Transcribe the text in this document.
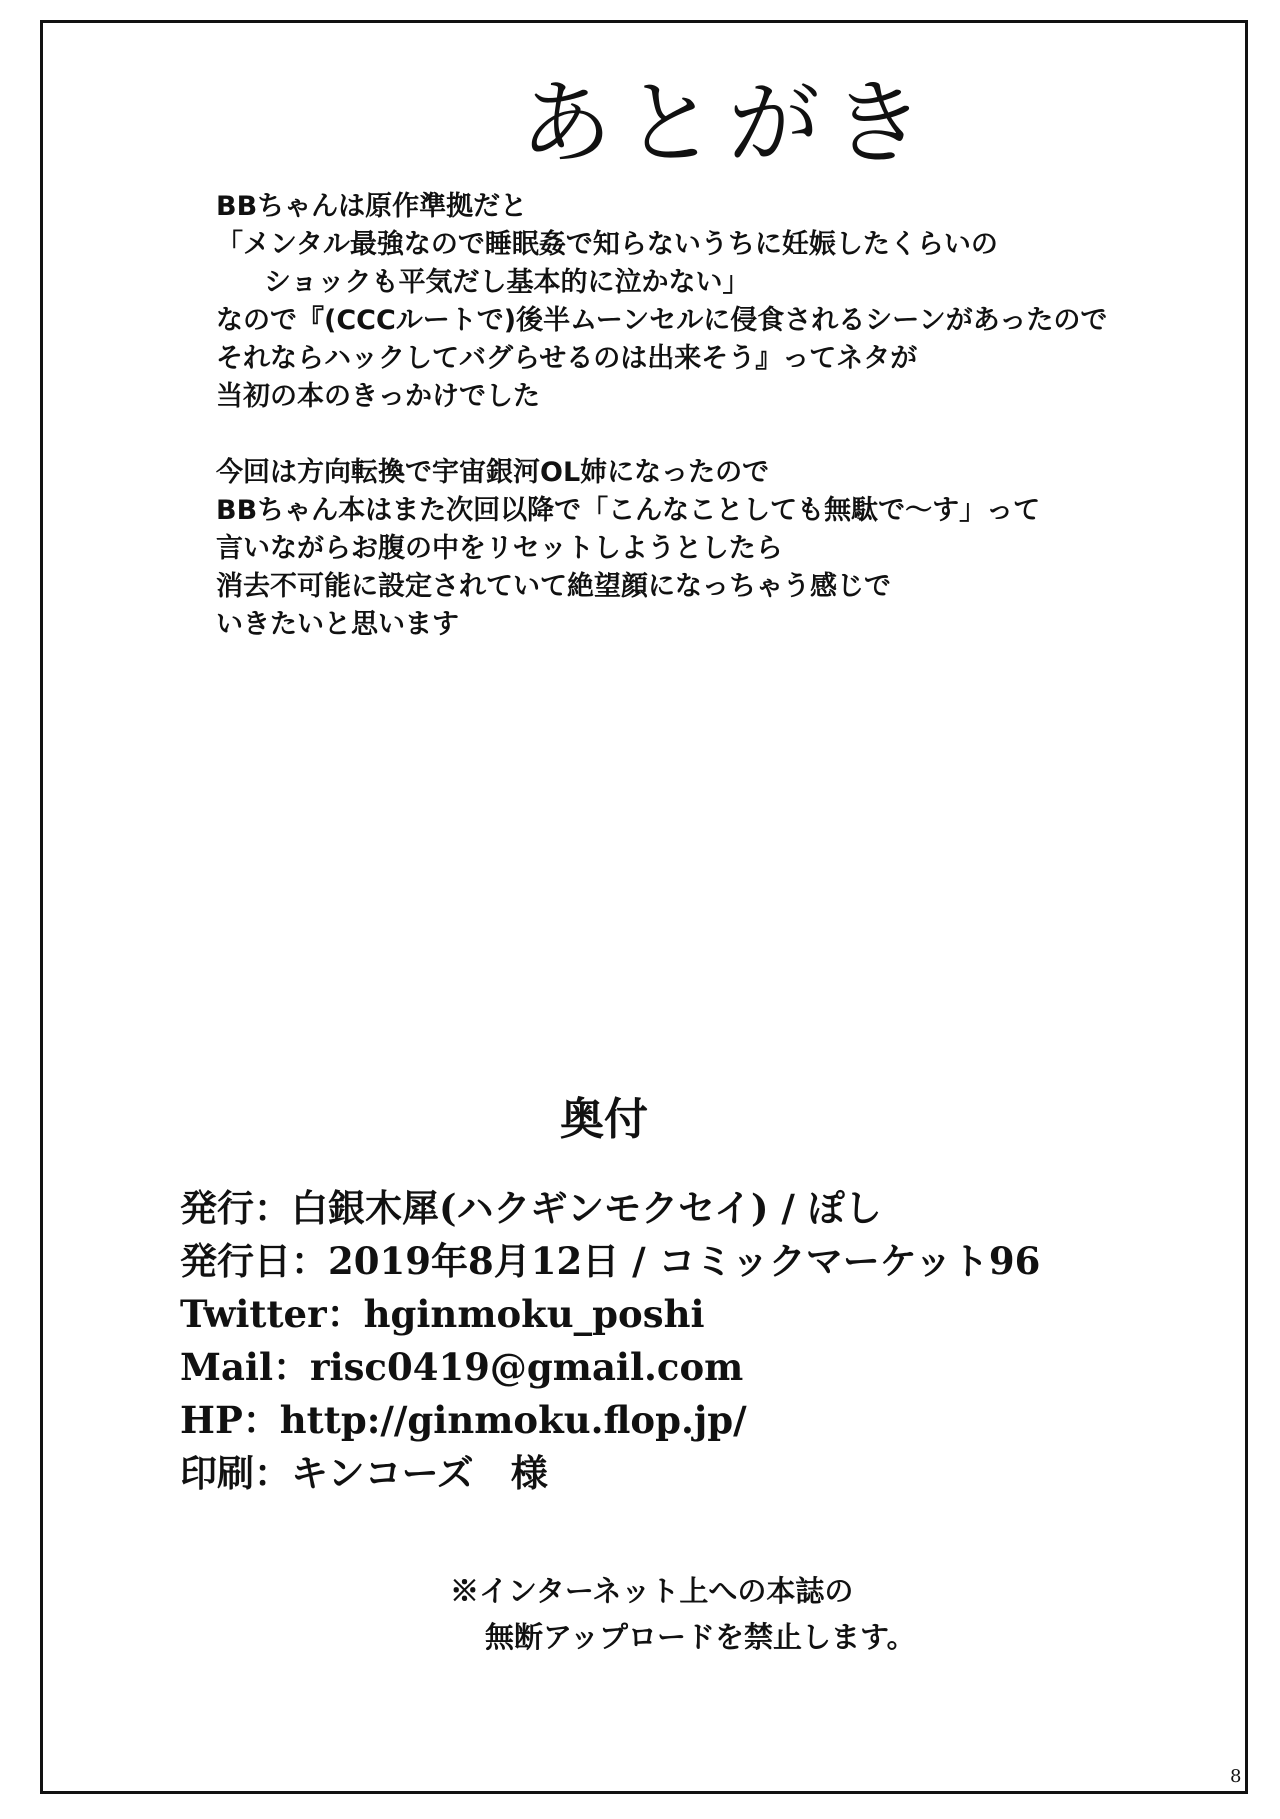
あとがき
BBちゃんは原作準拠だと
「メンタル最強なので睡眠姦で知らないうちに妊娠したくらいの
ショックも平気だし基本的に泣かない」
なので『(CCCルートで)後半ムーンセルに侵食されるシーンがあったので
それならハックしてバグらせるのは出来そう』ってネタが
当初の本のきっかけでした
今回は方向転換で宇宙銀河OL姉になったので
BBちゃん本はまた次回以降で「こんなことしても無駄で～す」って
言いながらお腹の中をリセットしようとしたら
消去不可能に設定されていて絶望顔になっちゃう感じで
いきたいと思います
奥付
発行：白銀木犀(ハクギンモクセイ) / ぽし
発行日：2019年8月12日 / コミックマーケット96
Twitter：hginmoku_poshi
Mail：risc0419@gmail.com
HP：http://ginmoku.flop.jp/
印刷：キンコーズ　様
※インターネット上への本誌の
無断アップロードを禁止します。
8
